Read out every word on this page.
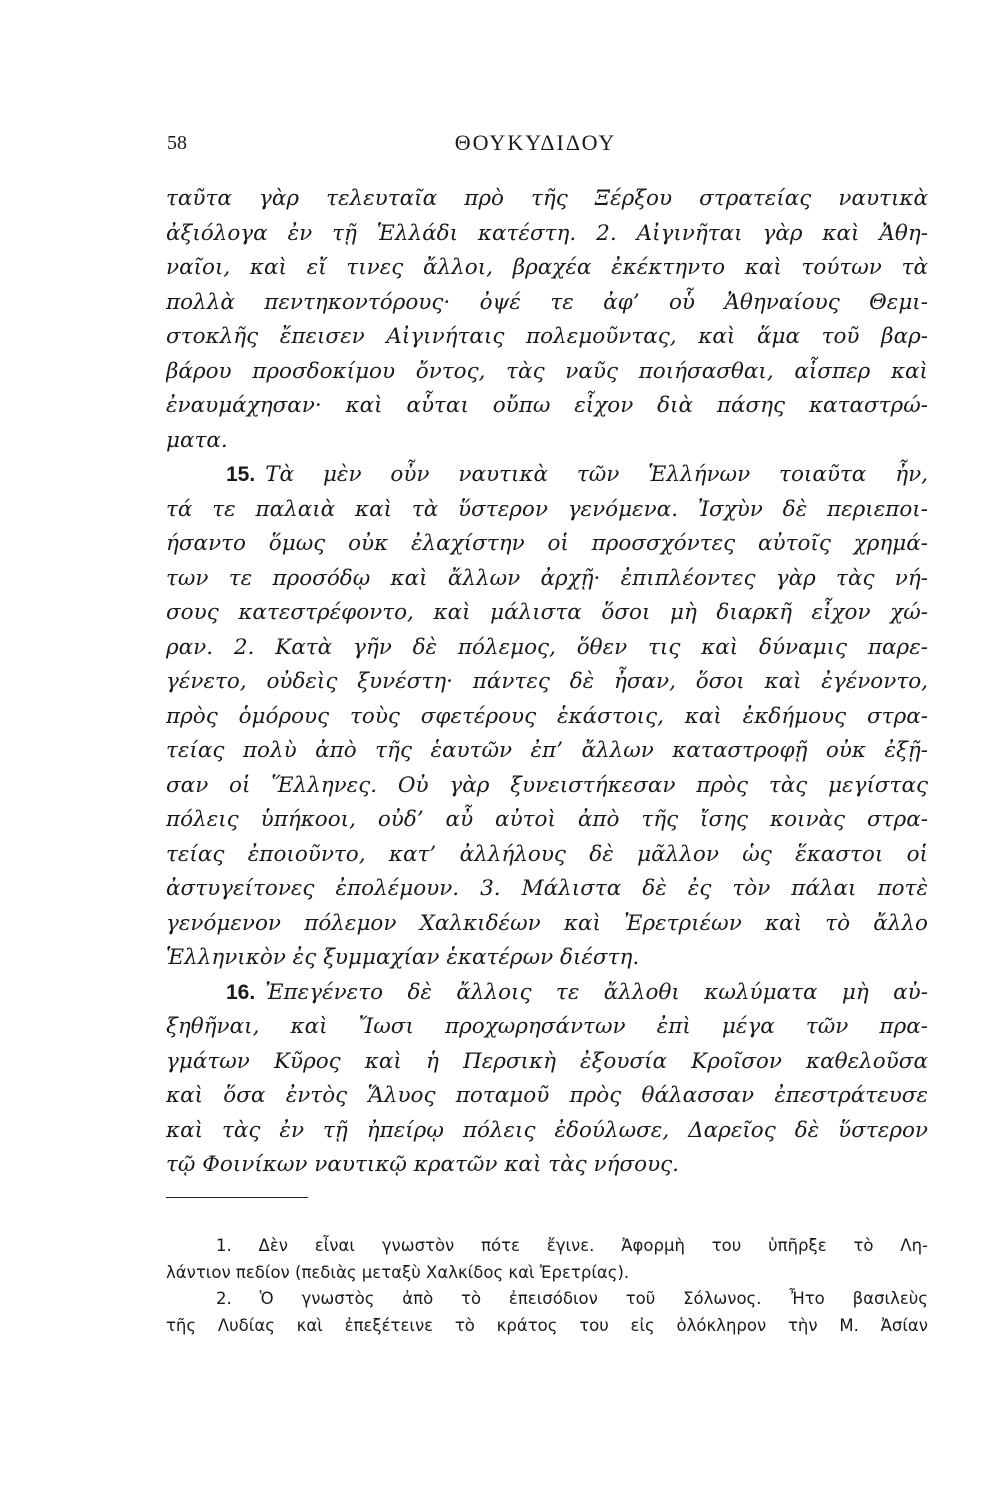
58	ΘΟΥΚΥΔΙΔΟΥ
ταῦτα γὰρ τελευταῖα πρὸ τῆς Ξέρξου στρατείας ναυτικὰ
ἀξιόλογα ἐν τῇ Ἑλλάδι κατέστη. 2. Αἰγινῆται γὰρ καὶ Ἀθη-
ναῖοι, καὶ εἴ τινες ἄλλοι, βραχέα ἐκέκτηντο καὶ τούτων τὰ
πολλὰ πεντηκοντόρους· ὀψέ τε ἀφ’ οὗ Ἀθηναίους Θεμι-
στοκλῆς ἔπεισεν Αἰγινήταις πολεμοῦντας, καὶ ἅμα τοῦ βαρ-
βάρου προσδοκίμου ὄντος, τὰς ναῦς ποιήσασθαι, αἷσπερ καὶ
ἐναυμάχησαν· καὶ αὗται οὔπω εἶχον διὰ πάσης καταστρώ-
ματα.
15. Τὰ μὲν οὖν ναυτικὰ τῶν Ἑλλήνων τοιαῦτα ἦν,
τά τε παλαιὰ καὶ τὰ ὕστερον γενόμενα. Ἰσχὺν δὲ περιεποι-
ήσαντο ὅμως οὐκ ἐλαχίστην οἱ προσσχόντες αὐτοῖς χρημά-
των τε προσόδῳ καὶ ἄλλων ἀρχῇ· ἐπιπλέοντες γὰρ τὰς νή-
σους κατεστρέφοντο, καὶ μάλιστα ὅσοι μὴ διαρκῆ εἶχον χώ-
ραν. 2. Κατὰ γῆν δὲ πόλεμος, ὅθεν τις καὶ δύναμις παρε-
γένετο, οὐδεὶς ξυνέστη· πάντες δὲ ἦσαν, ὅσοι καὶ ἐγένοντο,
πρὸς ὁμόρους τοὺς σφετέρους ἑκάστοις, καὶ ἐκδήμους στρα-
τείας πολὺ ἀπὸ τῆς ἑαυτῶν ἐπ’ ἄλλων καταστροφῇ οὐκ ἐξῇ-
σαν οἱ Ἕλληνες. Οὐ γὰρ ξυνειστήκεσαν πρὸς τὰς μεγίστας
πόλεις ὑπήκοοι, οὐδ’ αὖ αὐτοὶ ἀπὸ τῆς ἴσης κοινὰς στρα-
τείας ἐποιοῦντο, κατ’ ἀλλήλους δὲ μᾶλλον ὡς ἕκαστοι οἱ
ἀστυγείτονες ἐπολέμουν. 3. Μάλιστα δὲ ἐς τὸν πάλαι ποτὲ
γενόμενον πόλεμον Χαλκιδέων καὶ Ἐρετριέων καὶ τὸ ἄλλο
Ἑλληνικὸν ἐς ξυμμαχίαν ἑκατέρων διέστη.
16. Ἐπεγένετο δὲ ἄλλοις τε ἄλλοθι κωλύματα μὴ αὐ-
ξηθῆναι, καὶ Ἴωσι προχωρησάντων ἐπὶ μέγα τῶν πρα-
γμάτων Κῦρος καὶ ἡ Περσικὴ ἐξουσία Κροῖσον καθελοῦσα
καὶ ὅσα ἐντὸς Ἅλυος ποταμοῦ πρὸς θάλασσαν ἐπεστράτευσε
καὶ τὰς ἐν τῇ ἠπείρῳ πόλεις ἐδούλωσε, Δαρεῖος δὲ ὕστερον
τῷ Φοινίκων ναυτικῷ κρατῶν καὶ τὰς νήσους.
1. Δὲν εἶναι γνωστὸν πότε ἔγινε. Ἀφορμὴ του ὑπῆρξε τὸ Λη-
λάντιον πεδίον (πεδιὰς μεταξὺ Χαλκίδος καὶ Ἐρετρίας).
2. Ὁ γνωστὸς ἀπὸ τὸ ἐπεισόδιον τοῦ Σόλωνος. Ἦτο βασιλεὺς
τῆς Λυδίας καὶ ἐπεξέτεινε τὸ κράτος του εἰς ὁλόκληρον τὴν Μ. Ἀσίαν
